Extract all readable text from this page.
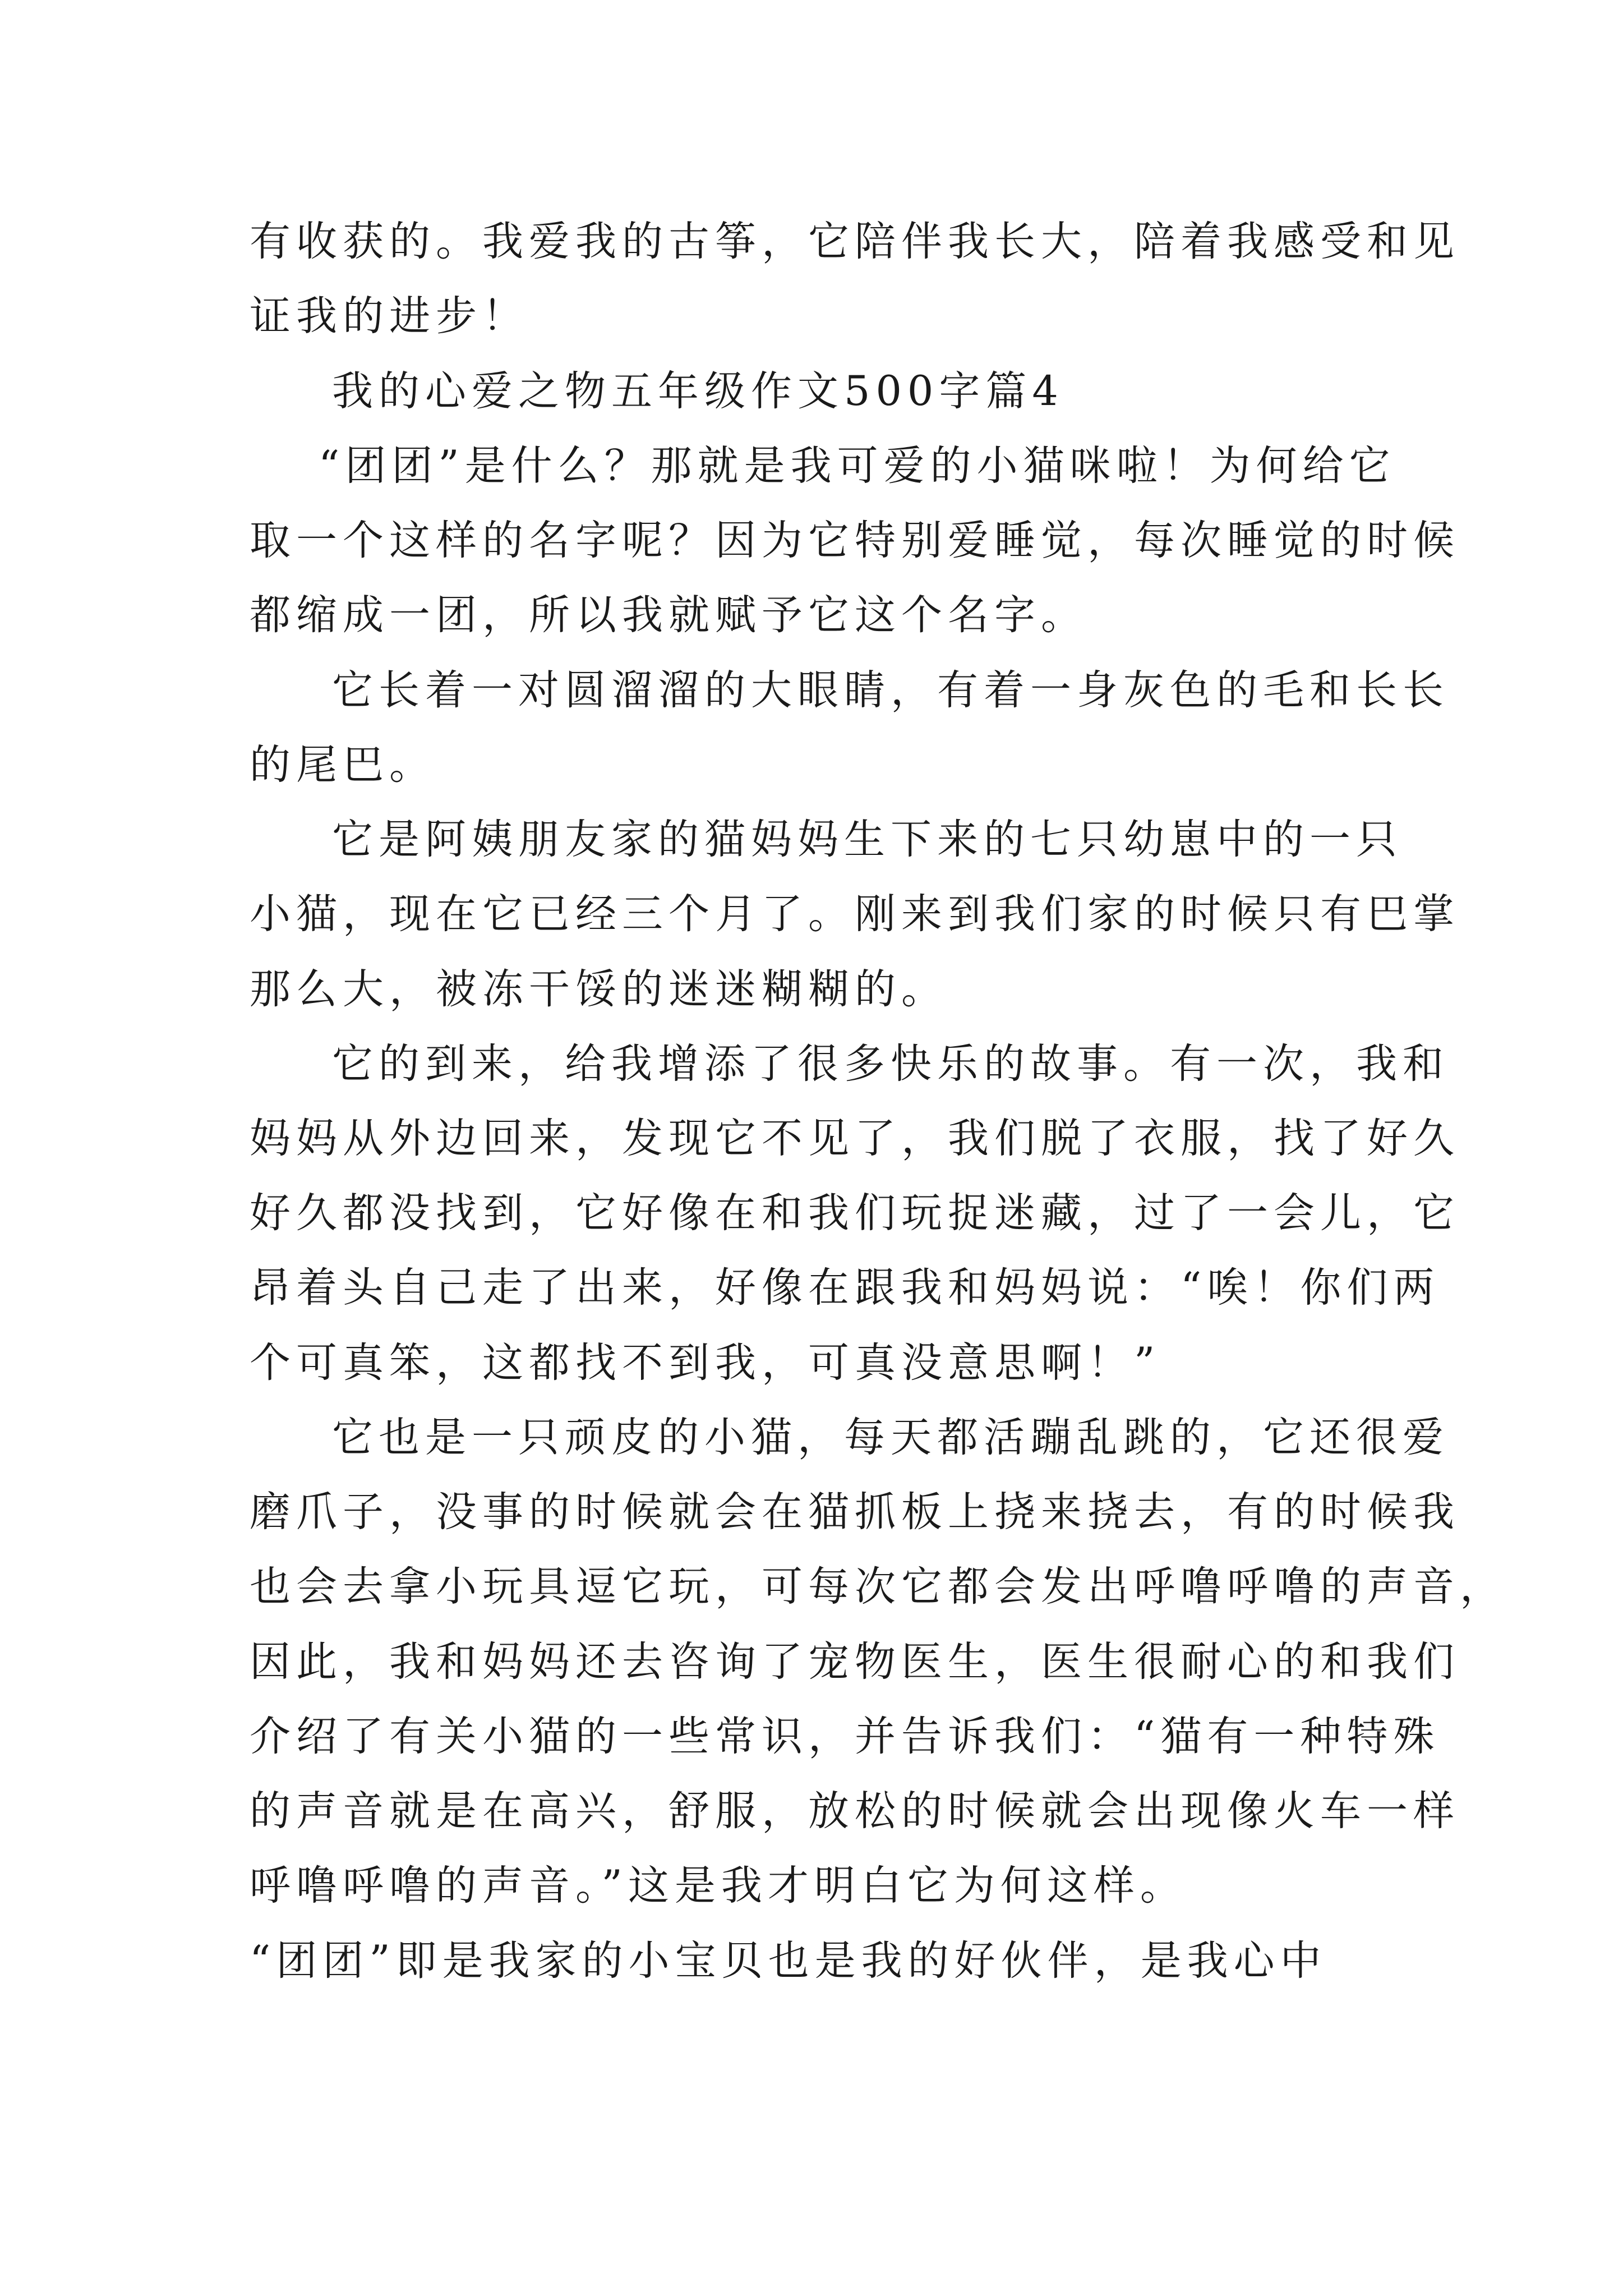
有收获的。我爱我的古筝，它陪伴我长大，陪着我感受和见
证我的进步！
我的心爱之物五年级作文500字篇4
“团团”是什么？那就是我可爱的小猫咪啦！为何给它
取一个这样的名字呢？因为它特别爱睡觉，每次睡觉的时候
都缩成一团，所以我就赋予它这个名字。
它长着一对圆溜溜的大眼睛，有着一身灰色的毛和长长
的尾巴。
它是阿姨朋友家的猫妈妈生下来的七只幼崽中的一只
小猫，现在它已经三个月了。刚来到我们家的时候只有巴掌
那么大，被冻干馁的迷迷糊糊的。
它的到来，给我增添了很多快乐的故事。有一次，我和
妈妈从外边回来，发现它不见了，我们脱了衣服，找了好久
好久都没找到，它好像在和我们玩捉迷藏，过了一会儿，它
昂着头自己走了出来，好像在跟我和妈妈说：“唉！你们两
个可真笨，这都找不到我，可真没意思啊！”
它也是一只顽皮的小猫，每天都活蹦乱跳的，它还很爱
磨爪子，没事的时候就会在猫抓板上挠来挠去，有的时候我
也会去拿小玩具逗它玩，可每次它都会发出呼噜呼噜的声音，
因此，我和妈妈还去咨询了宠物医生，医生很耐心的和我们
介绍了有关小猫的一些常识，并告诉我们：“猫有一种特殊
的声音就是在高兴，舒服，放松的时候就会出现像火车一样
呼噜呼噜的声音。”这是我才明白它为何这样。
“团团”即是我家的小宝贝也是我的好伙伴，是我心中
